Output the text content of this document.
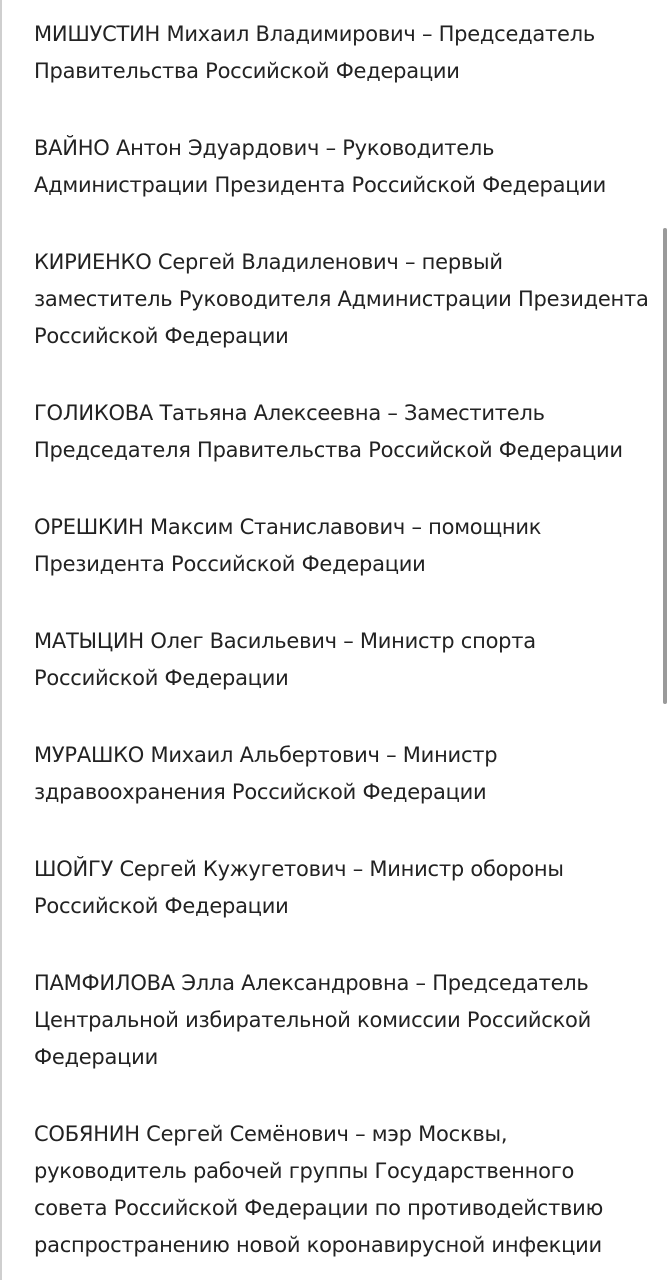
МИШУСТИН Михаил Владимирович – Председатель

Правительства Российской Федерации

ВАЙНО Антон Эдуардович – Руководитель

Администрации Президента Российской Федерации

КИРИЕНКО Сергей Владиленович – первый

заместитель Руководителя Администрации Президента

Российской Федерации

ГОЛИКОВА Татьяна Алексеевна – Заместитель

Председателя Правительства Российской Федерации

ОРЕШКИН Максим Станиславович – помощник

Президента Российской Федерации

МАТЫЦИН Олег Васильевич – Министр спорта

Российской Федерации

МУРАШКО Михаил Альбертович – Министр

здравоохранения Российской Федерации

ШОЙГУ Сергей Кужугетович – Министр обороны

Российской Федерации

ПАМФИЛОВА Элла Александровна – Председатель

Центральной избирательной комиссии Российской

Федерации

СОБЯНИН Сергей Семёнович – мэр Москвы,

руководитель рабочей группы Государственного

совета Российской Федерации по противодействию

распространению новой коронавирусной инфекции
